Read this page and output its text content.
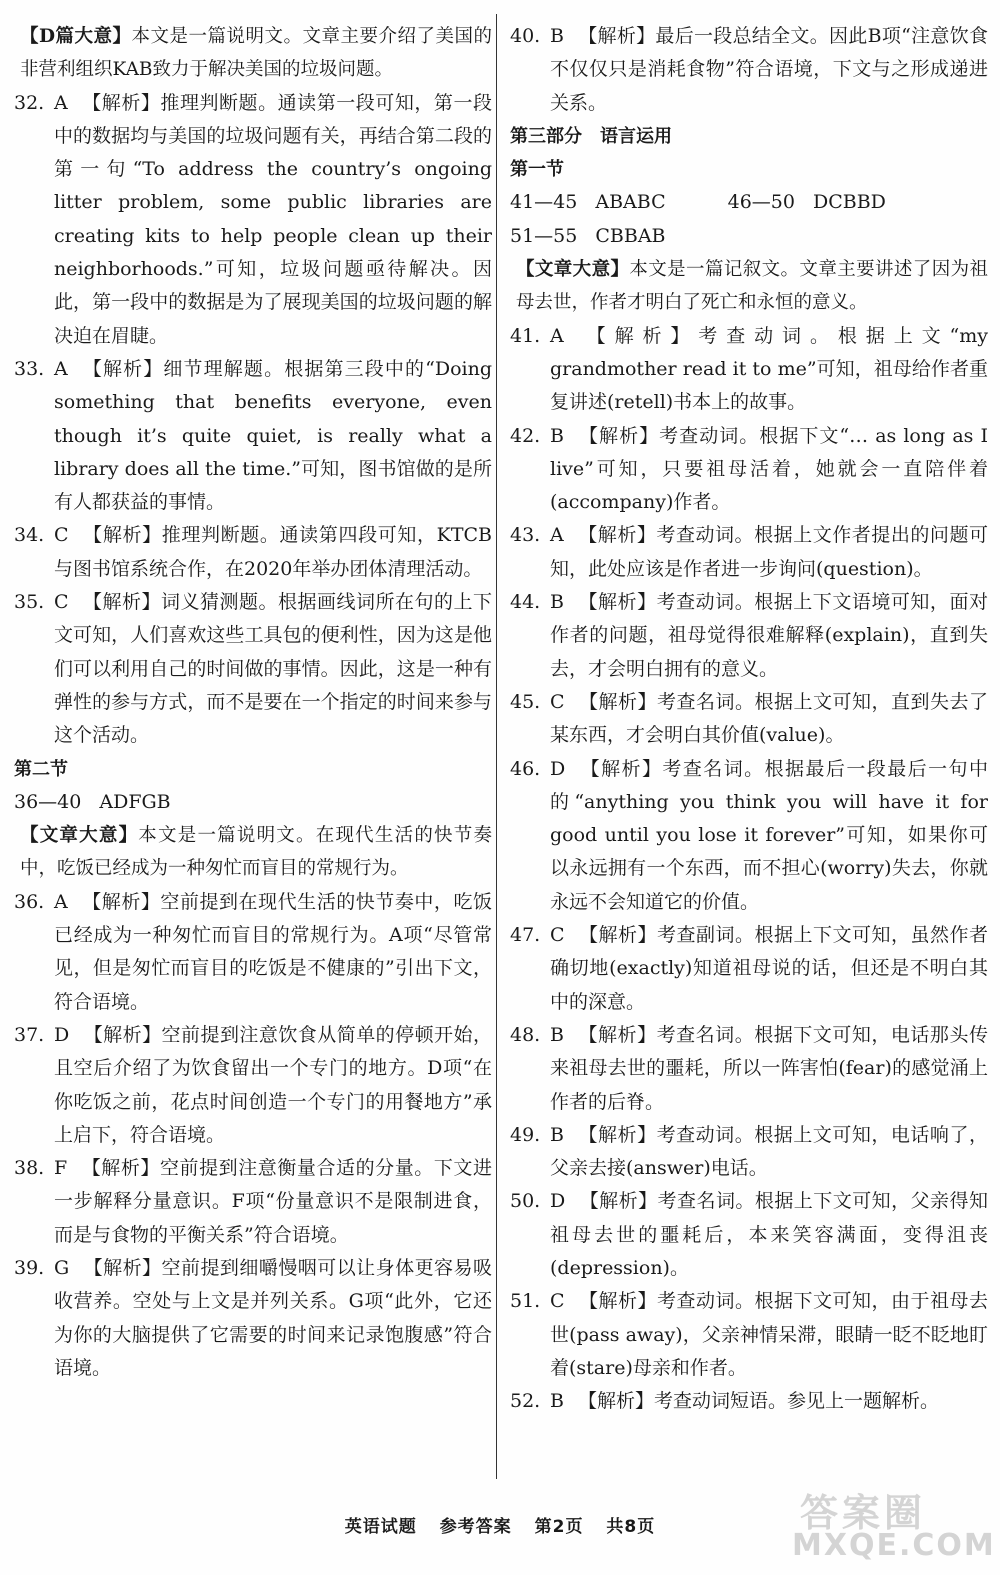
【D篇大意】本文是一篇说明文。文章主要介绍了美国的非营利组织KAB致力于解决美国的垃圾问题。
32. A 【解析】推理判断题。通读第一段可知，第一段中的数据均与美国的垃圾问题有关，再结合第二段的第一句“To address the country’s ongoing litter problem, some public libraries are creating kits to help people clean up their neighborhoods.”可知，垃圾问题亟待解决。因此，第一段中的数据是为了展现美国的垃圾问题的解决迫在眉睫。
33. A 【解析】细节理解题。根据第三段中的“Doing something that benefits everyone, even though it’s quite quiet, is really what a library does all the time.”可知，图书馆做的是所有人都获益的事情。
34. C 【解析】推理判断题。通读第四段可知，KTCB与图书馆系统合作，在2020年举办团体清理活动。
35. C 【解析】词义猜测题。根据画线词所在句的上下文可知，人们喜欢这些工具包的便利性，因为这是他们可以利用自己的时间做的事情。因此，这是一种有弹性的参与方式，而不是要在一个指定的时间来参与这个活动。
第二节
36—40 ADFGB
【文章大意】本文是一篇说明文。在现代生活的快节奏中，吃饭已经成为一种匆忙而盲目的常规行为。
36. A 【解析】空前提到在现代生活的快节奏中，吃饭已经成为一种匆忙而盲目的常规行为。A项“尽管常见，但是匆忙而盲目的吃饭是不健康的”引出下文，符合语境。
37. D 【解析】空前提到注意饮食从简单的停顿开始，且空后介绍了为饮食留出一个专门的地方。D项“在你吃饭之前，花点时间创造一个专门的用餐地方”承上启下，符合语境。
38. F 【解析】空前提到注意衡量合适的分量。下文进一步解释分量意识。F项“份量意识不是限制进食，而是与食物的平衡关系”符合语境。
39. G 【解析】空前提到细嚼慢咽可以让身体更容易吸收营养。空处与上文是并列关系。G项“此外，它还为你的大脑提供了它需要的时间来记录饱腹感”符合语境。
40. B 【解析】最后一段总结全文。因此B项“注意饮食不仅仅只是消耗食物”符合语境，下文与之形成递进关系。
第三部分　语言运用
第一节
41—45 ABABC	46—50 DCBBD
51—55 CBBAB
【文章大意】本文是一篇记叙文。文章主要讲述了因为祖母去世，作者才明白了死亡和永恒的意义。
41. A 【解析】考查动词。根据上文“my grandmother read it to me”可知，祖母给作者重复讲述(retell)书本上的故事。
42. B 【解析】考查动词。根据下文“… as long as I live”可知，只要祖母活着，她就会一直陪伴着(accompany)作者。
43. A 【解析】考查动词。根据上文作者提出的问题可知，此处应该是作者进一步询问(question)。
44. B 【解析】考查动词。根据上下文语境可知，面对作者的问题，祖母觉得很难解释(explain)，直到失去，才会明白拥有的意义。
45. C 【解析】考查名词。根据上文可知，直到失去了某东西，才会明白其价值(value)。
46. D 【解析】考查名词。根据最后一段最后一句中的“anything you think you will have it for good until you lose it forever”可知，如果你可以永远拥有一个东西，而不担心(worry)失去，你就永远不会知道它的价值。
47. C 【解析】考查副词。根据上下文可知，虽然作者确切地(exactly)知道祖母说的话，但还是不明白其中的深意。
48. B 【解析】考查名词。根据下文可知，电话那头传来祖母去世的噩耗，所以一阵害怕(fear)的感觉涌上作者的后脊。
49. B 【解析】考查动词。根据上文可知，电话响了，父亲去接(answer)电话。
50. D 【解析】考查名词。根据上下文可知，父亲得知祖母去世的噩耗后，本来笑容满面，变得沮丧(depression)。
51. C 【解析】考查动词。根据下文可知，由于祖母去世(pass away)，父亲神情呆滞，眼睛一眨不眨地盯着(stare)母亲和作者。
52. B 【解析】考查动词短语。参见上一题解析。
英语试题 参考答案 第2页 共8页	答案圈
MXQE.COM
